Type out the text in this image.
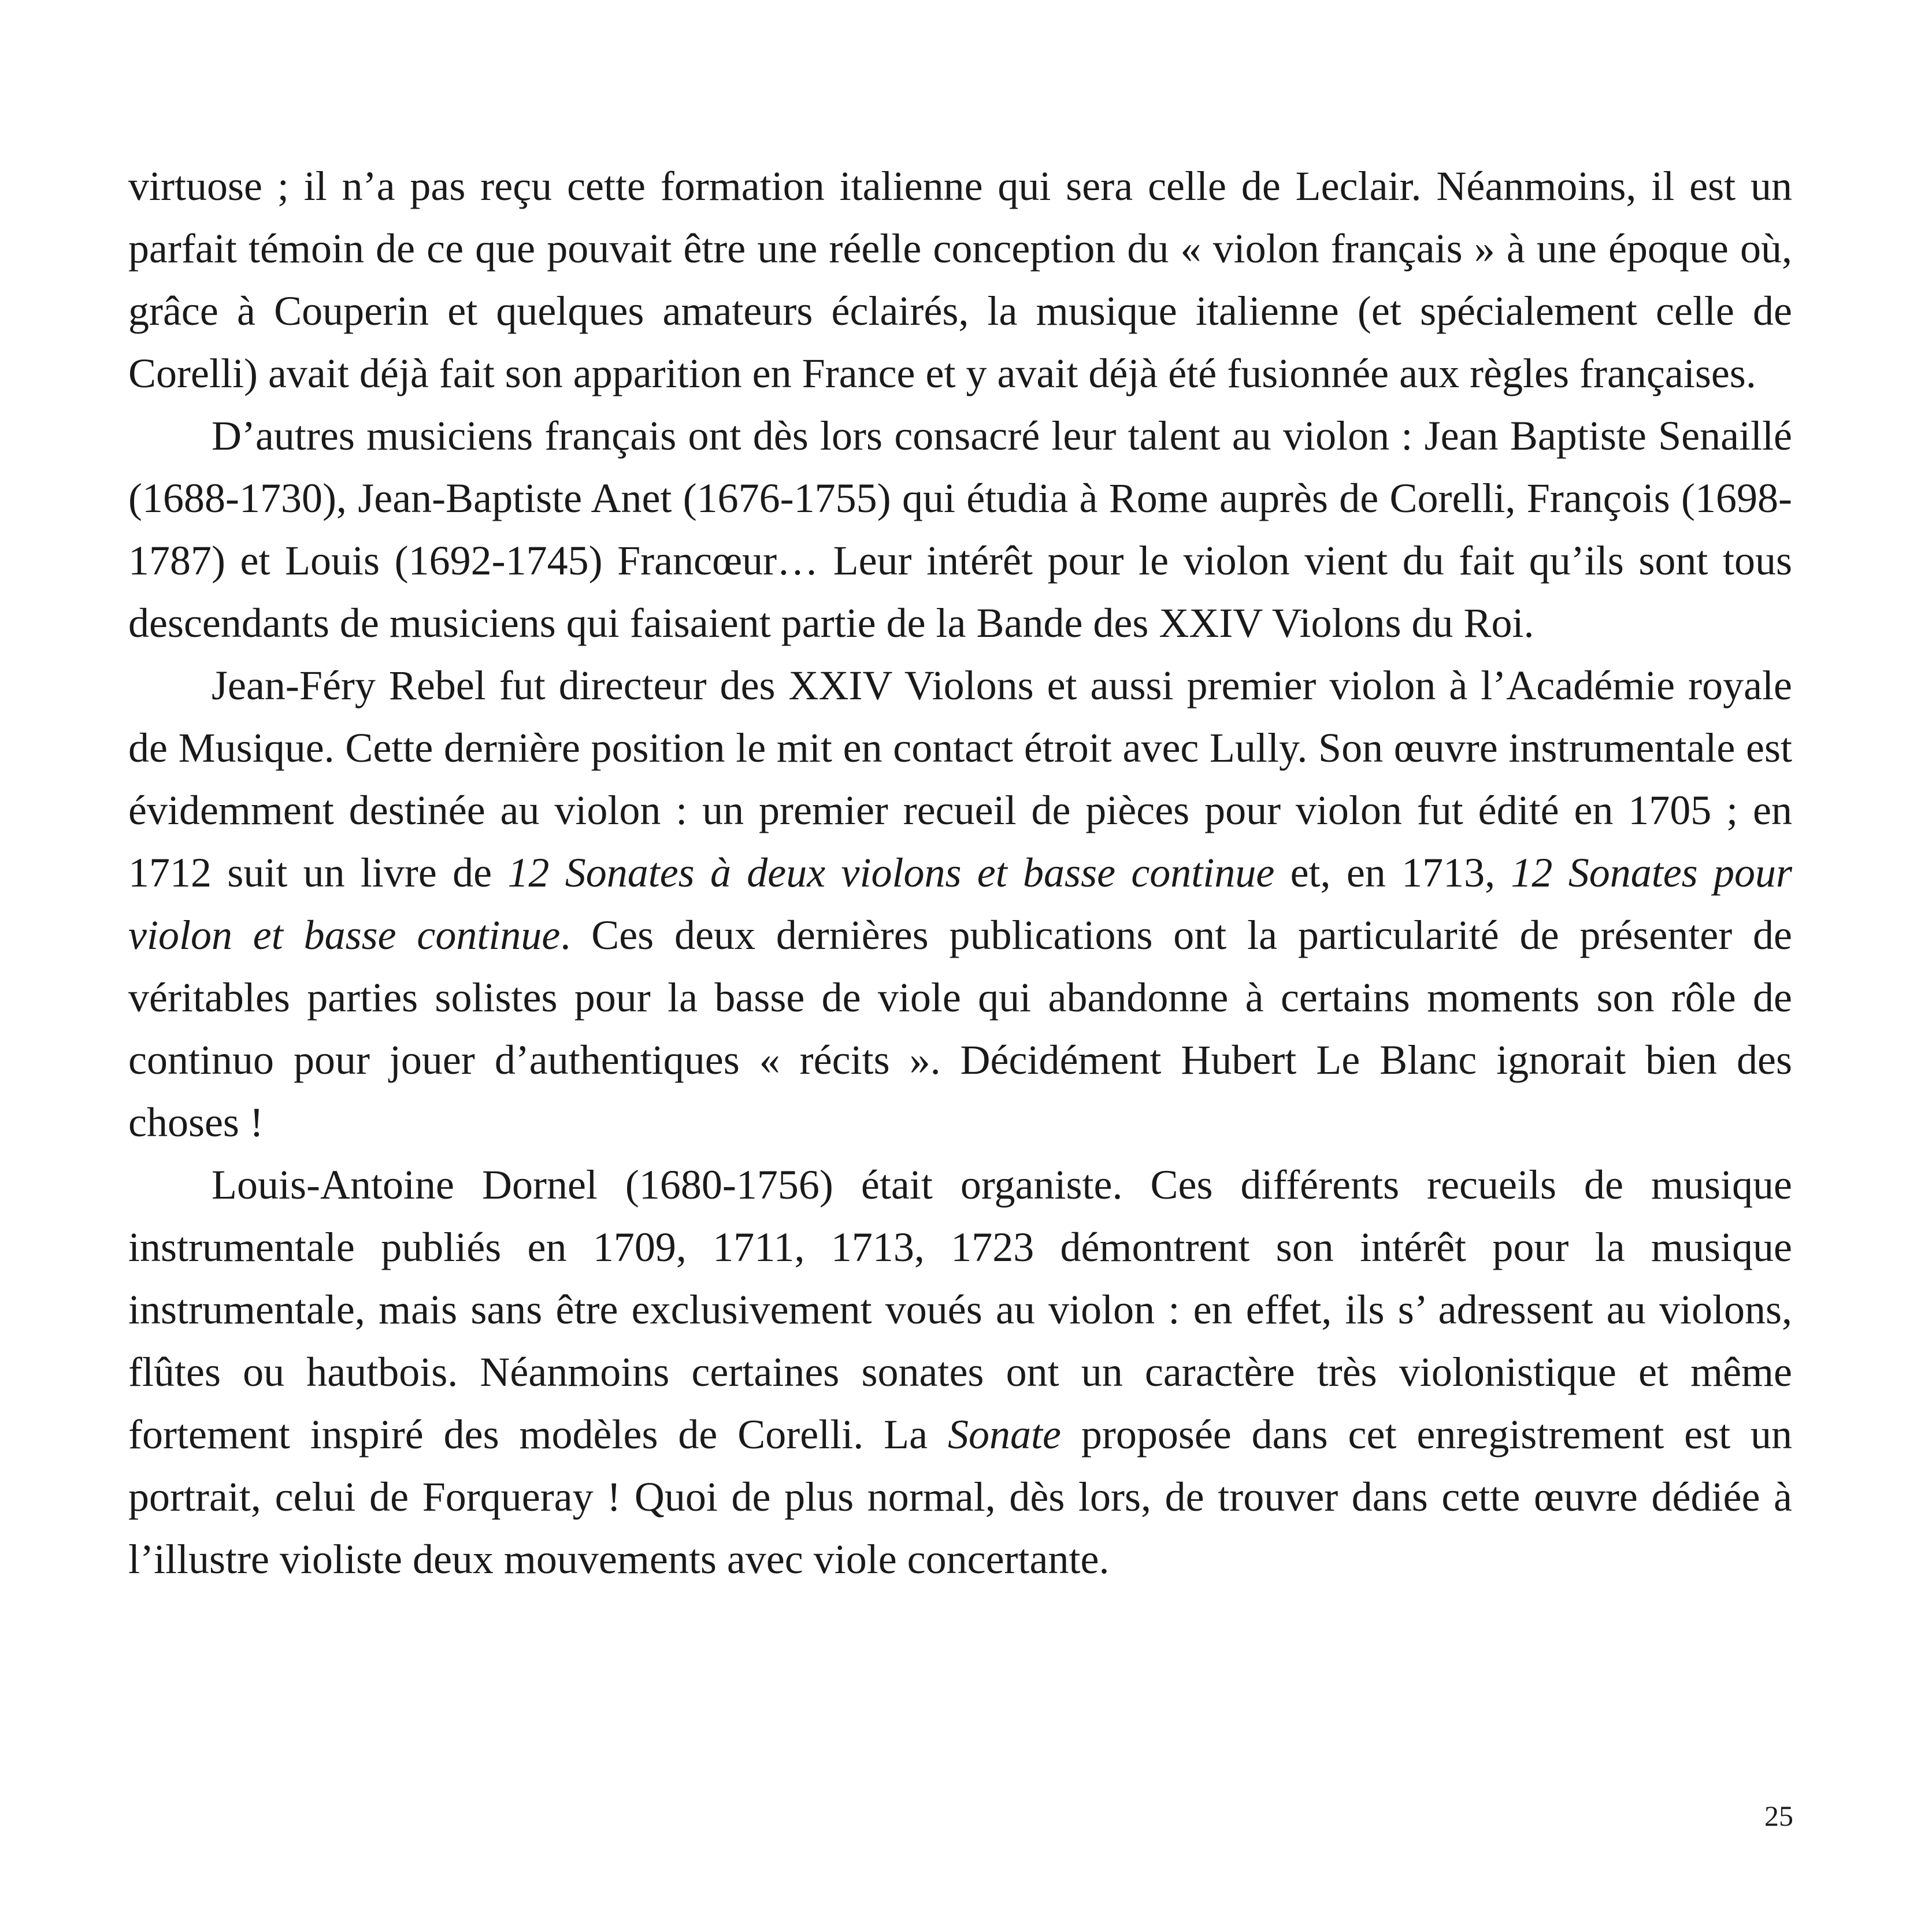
virtuose ; il n’a pas reçu cette formation italienne qui sera celle de Leclair. Néanmoins, il est un parfait témoin de ce que pouvait être une réelle conception du « violon français » à une époque où, grâce à Couperin et quelques amateurs éclairés, la musique italienne (et spécialement celle de Corelli) avait déjà fait son apparition en France et y avait déjà été fusionnée aux règles françaises.

D’autres musiciens français ont dès lors consacré leur talent au violon : Jean Baptiste Senaillé (1688-1730), Jean-Baptiste Anet (1676-1755) qui étudia à Rome auprès de Corelli, François (1698-1787) et Louis (1692-1745) Francœur… Leur intérêt pour le violon vient du fait qu’ils sont tous descendants de musiciens qui faisaient partie de la Bande des XXIV Violons du Roi.

Jean-Féry Rebel fut directeur des XXIV Violons et aussi premier violon à l’Académie royale de Musique. Cette dernière position le mit en contact étroit avec Lully. Son œuvre instrumentale est évidemment destinée au violon : un premier recueil de pièces pour violon fut édité en 1705 ; en 1712 suit un livre de 12 Sonates à deux violons et basse continue et, en 1713, 12 Sonates pour violon et basse continue. Ces deux dernières publications ont la particularité de présenter de véritables parties solistes pour la basse de viole qui abandonne à certains moments son rôle de continuo pour jouer d’authentiques « récits ». Décidément Hubert Le Blanc ignorait bien des choses !

Louis-Antoine Dornel (1680-1756) était organiste. Ces différents recueils de musique instrumentale publiés en 1709, 1711, 1713, 1723 démontrent son intérêt pour la musique instrumentale, mais sans être exclusivement voués au violon : en effet, ils s’ adressent au violons, flûtes ou hautbois. Néanmoins certaines sonates ont un caractère très violonistique et même fortement inspiré des modèles de Corelli. La Sonate proposée dans cet enregistrement est un portrait, celui de Forqueray ! Quoi de plus normal, dès lors, de trouver dans cette œuvre dédiée à l’illustre violiste deux mouvements avec viole concertante.

25
